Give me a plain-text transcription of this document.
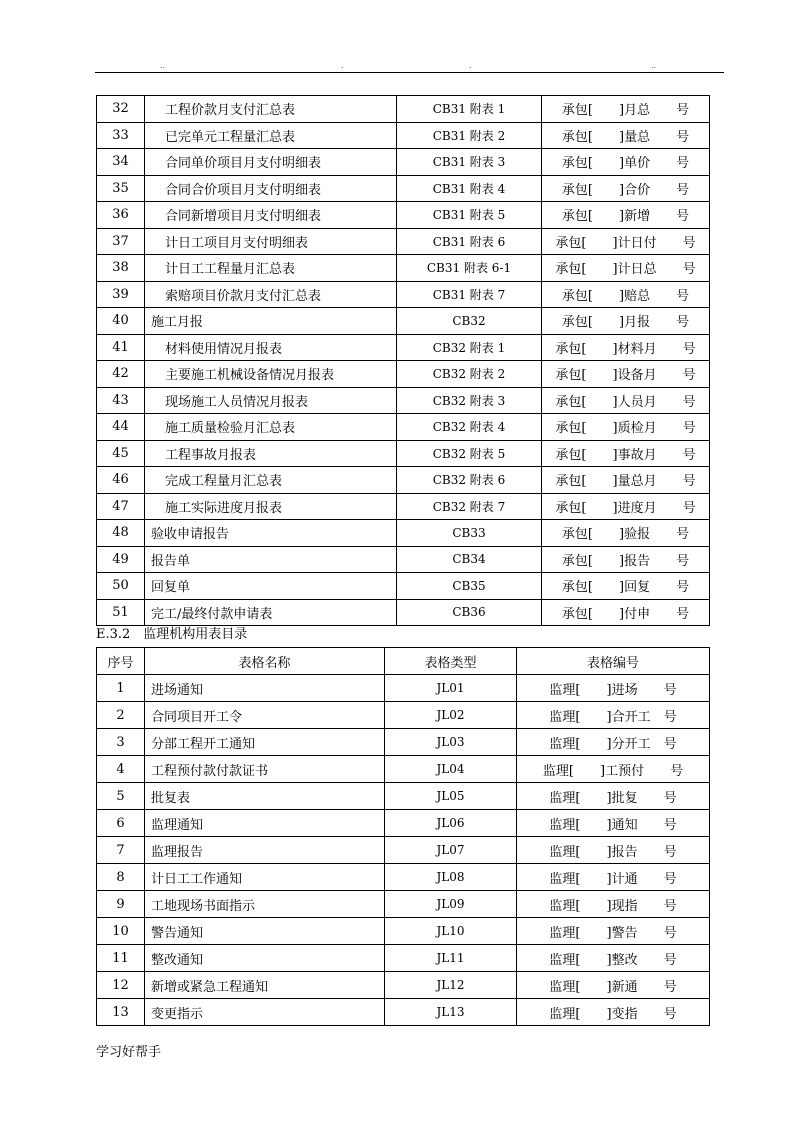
..	.	.	..
32	工程价款月支付汇总表	CB31 附表 1	承包[　　]月总　　号
33	已完单元工程量汇总表	CB31 附表 2	承包[　　]量总　　号
34	合同单价项目月支付明细表	CB31 附表 3	承包[　　]单价　　号
35	合同合价项目月支付明细表	CB31 附表 4	承包[　　]合价　　号
36	合同新增项目月支付明细表	CB31 附表 5	承包[　　]新增　　号
37	计日工项目月支付明细表	CB31 附表 6	承包[　　]计日付　　号
38	计日工工程量月汇总表	CB31 附表 6-1	承包[　　]计日总　　号
39	索赔项目价款月支付汇总表	CB31 附表 7	承包[　　]赔总　　号
40	施工月报	CB32	承包[　　]月报　　号
41	材料使用情况月报表	CB32 附表 1	承包[　　]材料月　　号
42	主要施工机械设备情况月报表	CB32 附表 2	承包[　　]设备月　　号
43	现场施工人员情况月报表	CB32 附表 3	承包[　　]人员月　　号
44	施工质量检验月汇总表	CB32 附表 4	承包[　　]质检月　　号
45	工程事故月报表	CB32 附表 5	承包[　　]事故月　　号
46	完成工程量月汇总表	CB32 附表 6	承包[　　]量总月　　号
47	施工实际进度月报表	CB32 附表 7	承包[　　]进度月　　号
48	验收申请报告	CB33	承包[　　]验报　　号
49	报告单	CB34	承包[　　]报告　　号
50	回复单	CB35	承包[　　]回复　　号
51	完工/最终付款申请表	CB36	承包[　　]付申　　号
E.3.2　监理机构用表目录
序号	表格名称	表格类型	表格编号
1	进场通知	JL01	监理[　　]进场　　号
2	合同项目开工令	JL02	监理[　　]合开工　号
3	分部工程开工通知	JL03	监理[　　]分开工　号
4	工程预付款付款证书	JL04	监理[　　]工预付　　号
5	批复表	JL05	监理[　　]批复　　号
6	监理通知	JL06	监理[　　]通知　　号
7	监理报告	JL07	监理[　　]报告　　号
8	计日工工作通知	JL08	监理[　　]计通　　号
9	工地现场书面指示	JL09	监理[　　]现指　　号
10	警告通知	JL10	监理[　　]警告　　号
11	整改通知	JL11	监理[　　]整改　　号
12	新增或紧急工程通知	JL12	监理[　　]新通　　号
13	变更指示	JL13	监理[　　]变指　　号
学习好帮手
